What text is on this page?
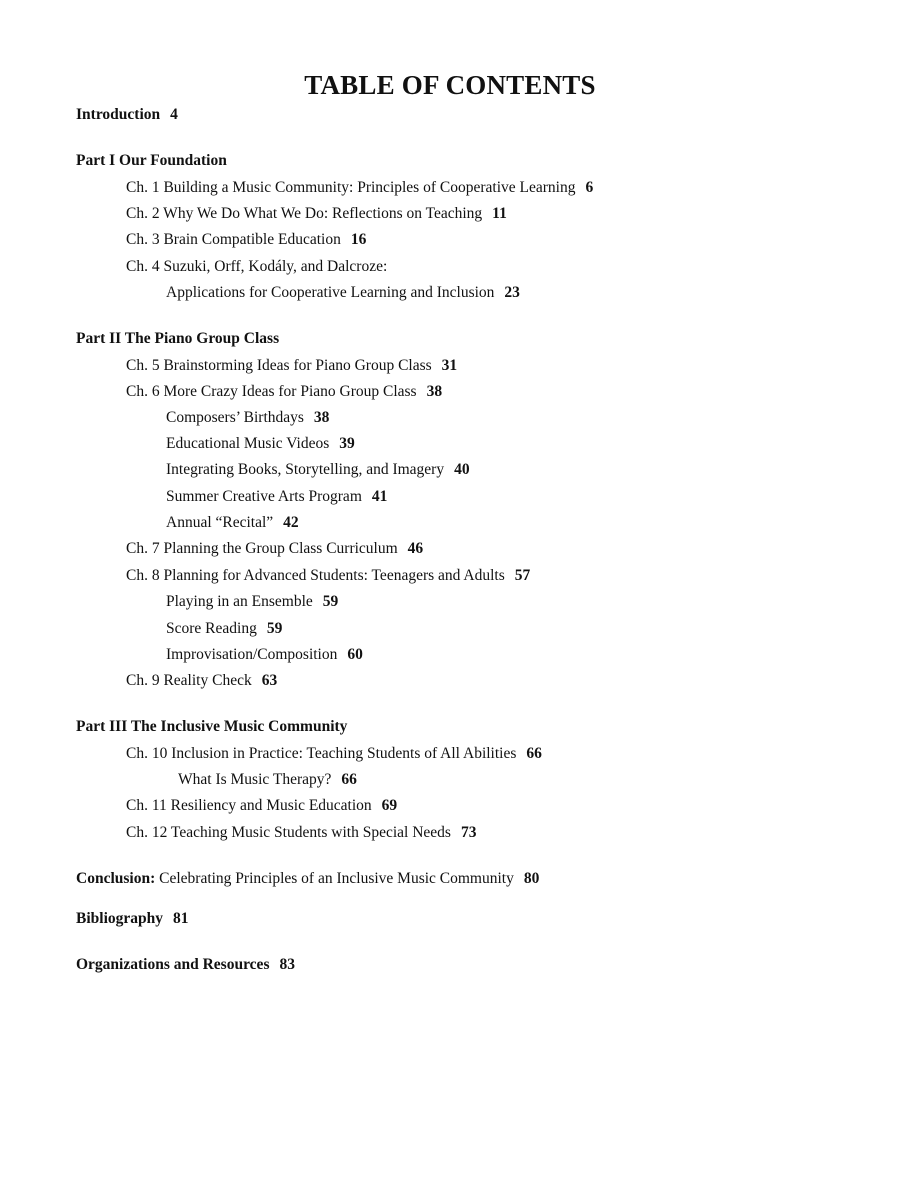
TABLE OF CONTENTS
Introduction 4
Part I Our Foundation
Ch. 1 Building a Music Community: Principles of Cooperative Learning 6
Ch. 2 Why We Do What We Do: Reflections on Teaching 11
Ch. 3 Brain Compatible Education 16
Ch. 4 Suzuki, Orff, Kodály, and Dalcroze:
Applications for Cooperative Learning and Inclusion 23
Part II The Piano Group Class
Ch. 5 Brainstorming Ideas for Piano Group Class 31
Ch. 6 More Crazy Ideas for Piano Group Class 38
Composers’ Birthdays 38
Educational Music Videos 39
Integrating Books, Storytelling, and Imagery 40
Summer Creative Arts Program 41
Annual “Recital” 42
Ch. 7 Planning the Group Class Curriculum 46
Ch. 8 Planning for Advanced Students: Teenagers and Adults 57
Playing in an Ensemble 59
Score Reading 59
Improvisation/Composition 60
Ch. 9 Reality Check 63
Part III The Inclusive Music Community
Ch. 10 Inclusion in Practice: Teaching Students of All Abilities 66
What Is Music Therapy? 66
Ch. 11 Resiliency and Music Education 69
Ch. 12 Teaching Music Students with Special Needs 73
Conclusion: Celebrating Principles of an Inclusive Music Community 80
Bibliography 81
Organizations and Resources 83
